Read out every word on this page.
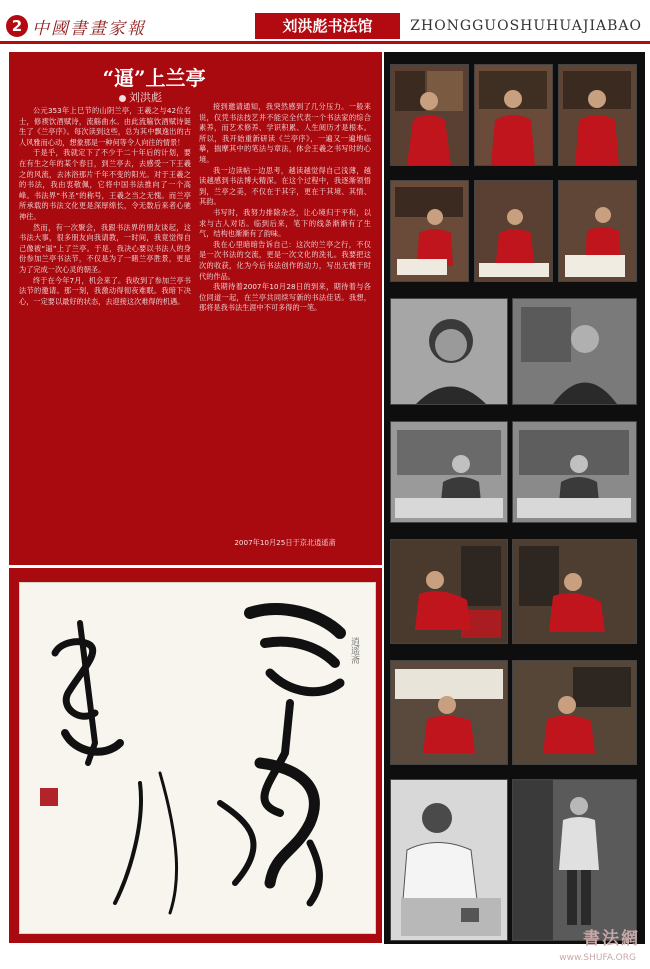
2 中國書畫家報	刘洪彪书法馆	ZHONGGUOSHUHUAJIABAO
“逼”上兰亭
刘洪彪

公元353年上巳节的山阴兰亭，王羲之与42位名士，修禊饮酒赋诗，流觞曲水。由此流觞饮酒赋诗诞生了《兰亭序》。每次读到这些，总为其中飘逸出的古人风雅而心动，想象那是一种何等令人向往的情景！

于是乎，我就定下了不少于二十年后的计划，要在有生之年的某个春日，到兰亭去，去感受一下王羲之的风流，去沐浴那片千年不变的阳光。对于王羲之的书法，我由衷敬佩，它将中国书法推向了一个高峰。书法界“书圣”的称号，王羲之当之无愧。而兰亭所承载的书法文化更是深厚绵长，令无数后来者心驰神往。

然而，有一次聚会，我跟书法界的朋友谈起，这书法大事，很多朋友向我请教，一时间，我竟觉得自己像被“逼”上了兰亭。于是，我决心要以书法人的身份参加兰亭书法节，不仅是为了一睹兰亭胜景，更是为了完成一次心灵的朝圣。

终于在今年7月，机会来了。我收到了参加兰亭书法节的邀请。那一刻，我激动得彻夜难眠。我暗下决心，一定要以最好的状态，去迎接这次难得的机遇。

接到邀请通知，我突然感到了几分压力。一般来说，仅凭书法技艺并不能完全代表一个书法家的综合素养，而艺术修养、学识积累、人生阅历才是根本。所以，我开始重新研读《兰亭序》，一遍又一遍地临摹，揣摩其中的笔法与章法，体会王羲之书写时的心境。

我一边读帖一边思考，越读越觉得自己浅薄，越读越感到书法博大精深。在这个过程中，我逐渐领悟到，兰亭之美，不仅在于其字，更在于其境、其情、其韵。

书写时，我努力排除杂念，让心境归于平和，以求与古人对话。临到后来，笔下的线条渐渐有了生气，结构也渐渐有了韵味。

我在心里暗暗告诉自己：这次的兰亭之行，不仅是一次书法的交流，更是一次文化的洗礼。我要把这次的收获，化为今后书法创作的动力，写出无愧于时代的作品。

我期待着2007年10月28日的到来，期待着与各位同道一起，在兰亭共同续写新的书法佳话。我想，那将是我书法生涯中不可多得的一笔。

2007年10月25日于京北逍遥斋
逍遥斋
書法網
www.SHUFA.ORG
